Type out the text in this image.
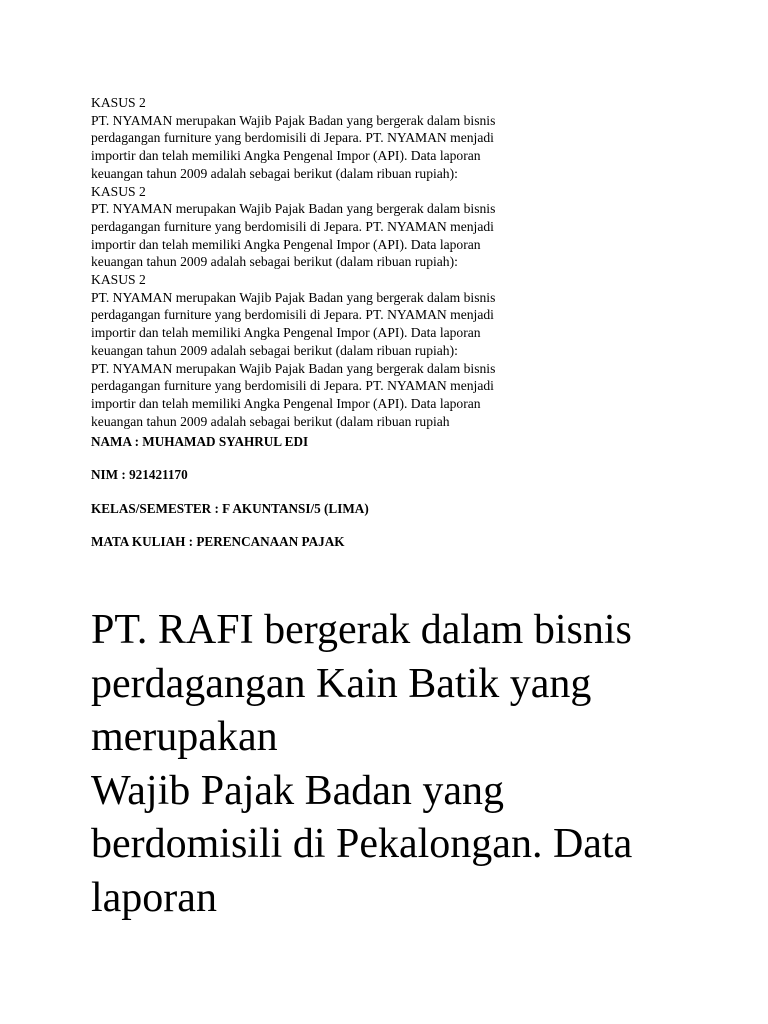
KASUS 2
PT. NYAMAN merupakan Wajib Pajak Badan yang bergerak dalam bisnis
perdagangan furniture yang berdomisili di Jepara. PT. NYAMAN menjadi
importir dan telah memiliki Angka Pengenal Impor (API). Data laporan
keuangan tahun 2009 adalah sebagai berikut (dalam ribuan rupiah):
KASUS 2
PT. NYAMAN merupakan Wajib Pajak Badan yang bergerak dalam bisnis
perdagangan furniture yang berdomisili di Jepara. PT. NYAMAN menjadi
importir dan telah memiliki Angka Pengenal Impor (API). Data laporan
keuangan tahun 2009 adalah sebagai berikut (dalam ribuan rupiah):
KASUS 2
PT. NYAMAN merupakan Wajib Pajak Badan yang bergerak dalam bisnis
perdagangan furniture yang berdomisili di Jepara. PT. NYAMAN menjadi
importir dan telah memiliki Angka Pengenal Impor (API). Data laporan
keuangan tahun 2009 adalah sebagai berikut (dalam ribuan rupiah):
PT. NYAMAN merupakan Wajib Pajak Badan yang bergerak dalam bisnis
perdagangan furniture yang berdomisili di Jepara. PT. NYAMAN menjadi
importir dan telah memiliki Angka Pengenal Impor (API). Data laporan
keuangan tahun 2009 adalah sebagai berikut (dalam ribuan rupiah
NAMA : MUHAMAD SYAHRUL EDI
NIM : 921421170
KELAS/SEMESTER : F AKUNTANSI/5 (LIMA)
MATA KULIAH : PERENCANAAN PAJAK
PT. RAFI bergerak dalam bisnis
perdagangan Kain Batik yang
merupakan
Wajib Pajak Badan yang
berdomisili di Pekalongan. Data
laporan
